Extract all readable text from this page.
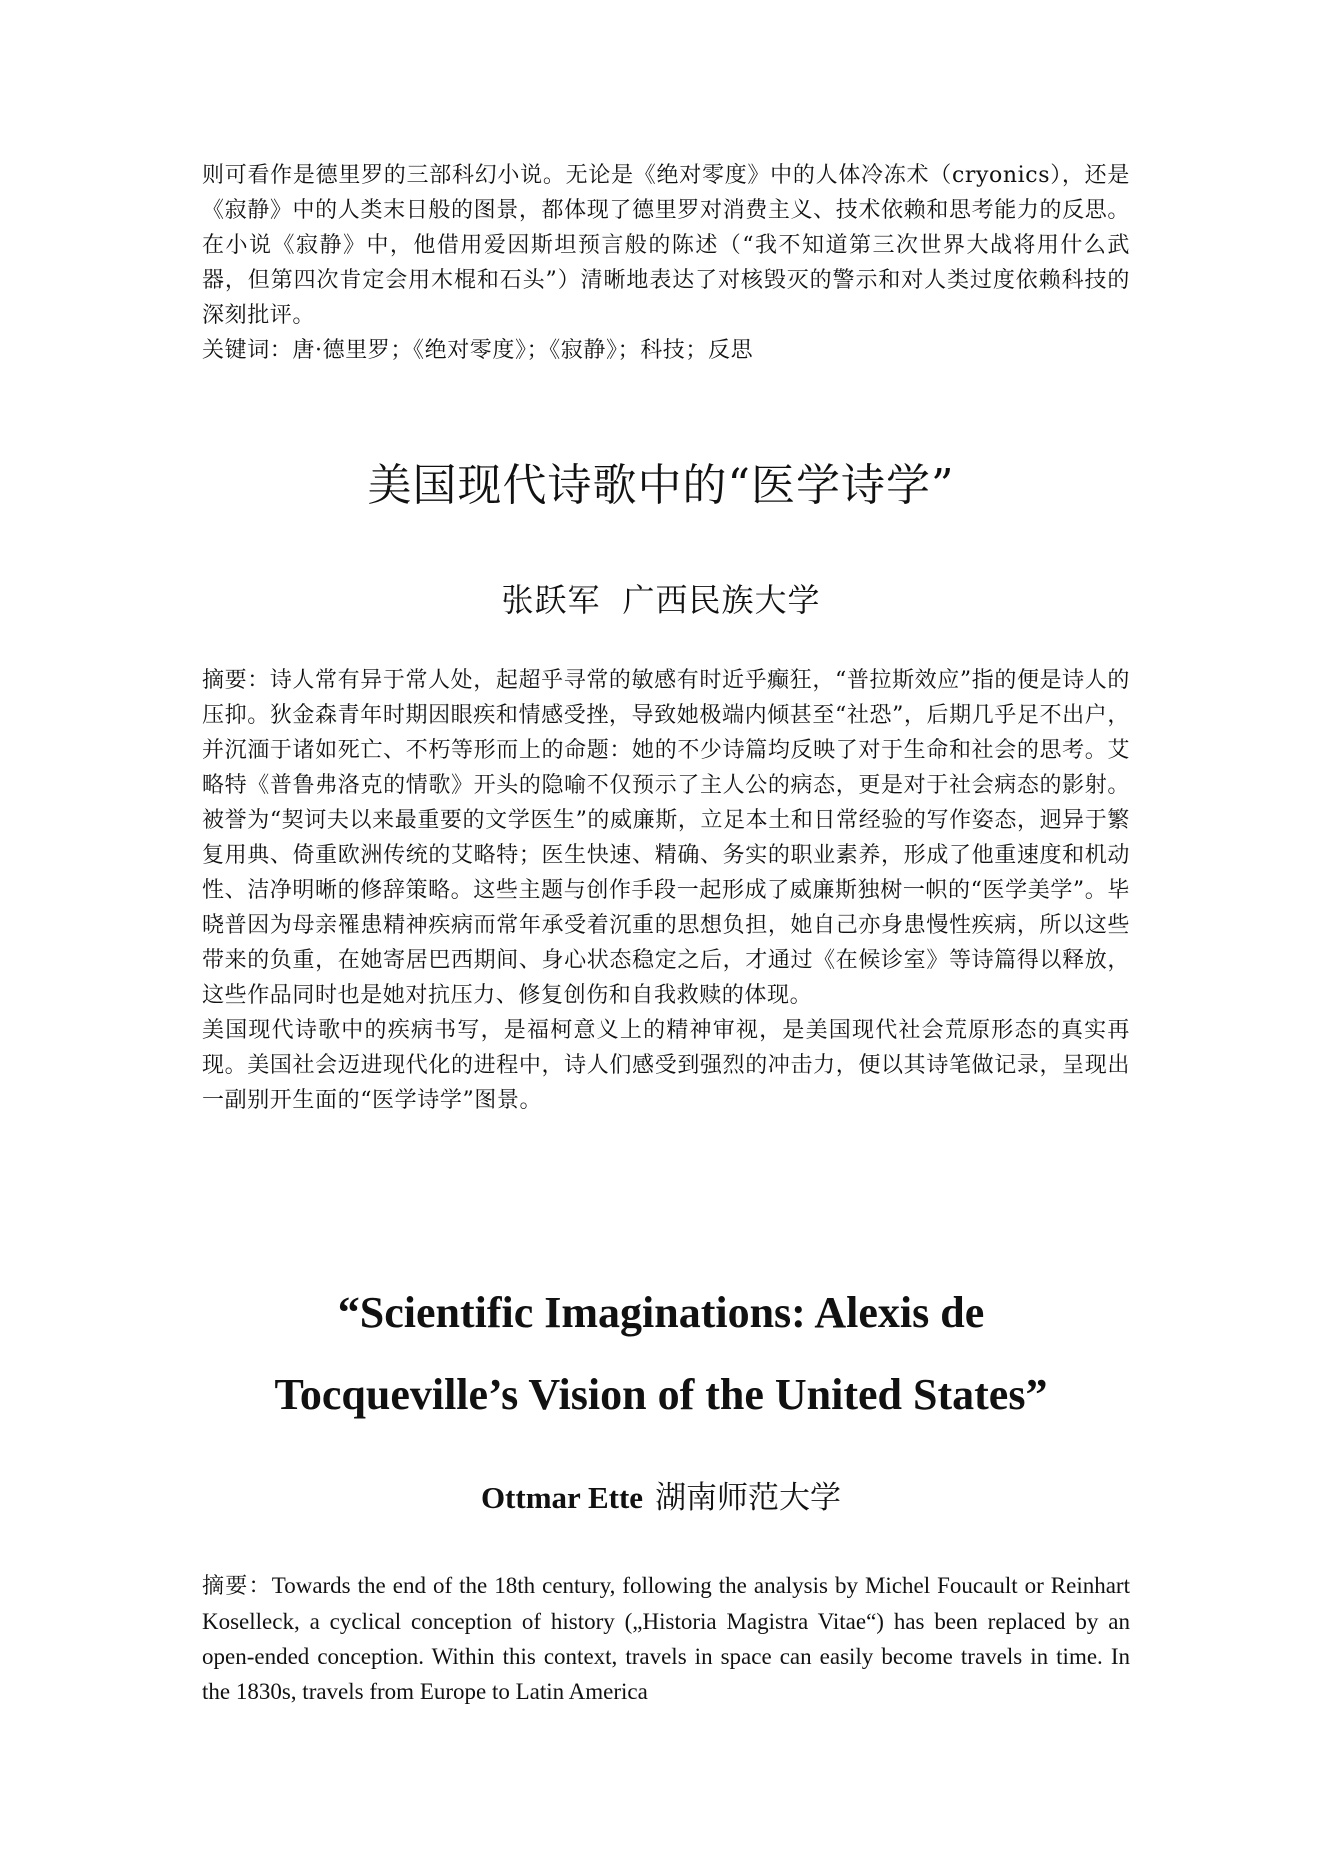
则可看作是德里罗的三部科幻小说。无论是《绝对零度》中的人体冷冻术（cryonics），还是《寂静》中的人类末日般的图景，都体现了德里罗对消费主义、技术依赖和思考能力的反思。在小说《寂静》中，他借用爱因斯坦预言般的陈述（“我不知道第三次世界大战将用什么武器，但第四次肯定会用木棍和石头”）清晰地表达了对核毁灭的警示和对人类过度依赖科技的深刻批评。

关键词：唐·德里罗；《绝对零度》；《寂静》；科技；反思

美国现代诗歌中的“医学诗学”

张跃军 广西民族大学

摘要：诗人常有异于常人处，起超乎寻常的敏感有时近乎癫狂，“普拉斯效应”指的便是诗人的压抑。狄金森青年时期因眼疾和情感受挫，导致她极端内倾甚至“社恐”，后期几乎足不出户，并沉湎于诸如死亡、不朽等形而上的命题：她的不少诗篇均反映了对于生命和社会的思考。艾略特《普鲁弗洛克的情歌》开头的隐喻不仅预示了主人公的病态，更是对于社会病态的影射。被誉为“契诃夫以来最重要的文学医生”的威廉斯，立足本土和日常经验的写作姿态，迥异于繁复用典、倚重欧洲传统的艾略特；医生快速、精确、务实的职业素养，形成了他重速度和机动性、洁净明晰的修辞策略。这些主题与创作手段一起形成了威廉斯独树一帜的“医学美学”。毕晓普因为母亲罹患精神疾病而常年承受着沉重的思想负担，她自己亦身患慢性疾病，所以这些带来的负重，在她寄居巴西期间、身心状态稳定之后，才通过《在候诊室》等诗篇得以释放，这些作品同时也是她对抗压力、修复创伤和自我救赎的体现。

美国现代诗歌中的疾病书写，是福柯意义上的精神审视，是美国现代社会荒原形态的真实再现。美国社会迈进现代化的进程中，诗人们感受到强烈的冲击力，便以其诗笔做记录，呈现出一副别开生面的“医学诗学”图景。

“Scientific Imaginations: Alexis de
Tocqueville’s Vision of the United States”

Ottmar Ette 湖南师范大学

摘要：Towards the end of the 18th century, following the analysis by Michel Foucault or Reinhart Koselleck, a cyclical conception of history („Historia Magistra Vitae“) has been replaced by an open-ended conception. Within this context, travels in space can easily become travels in time. In the 1830s, travels from Europe to Latin America
